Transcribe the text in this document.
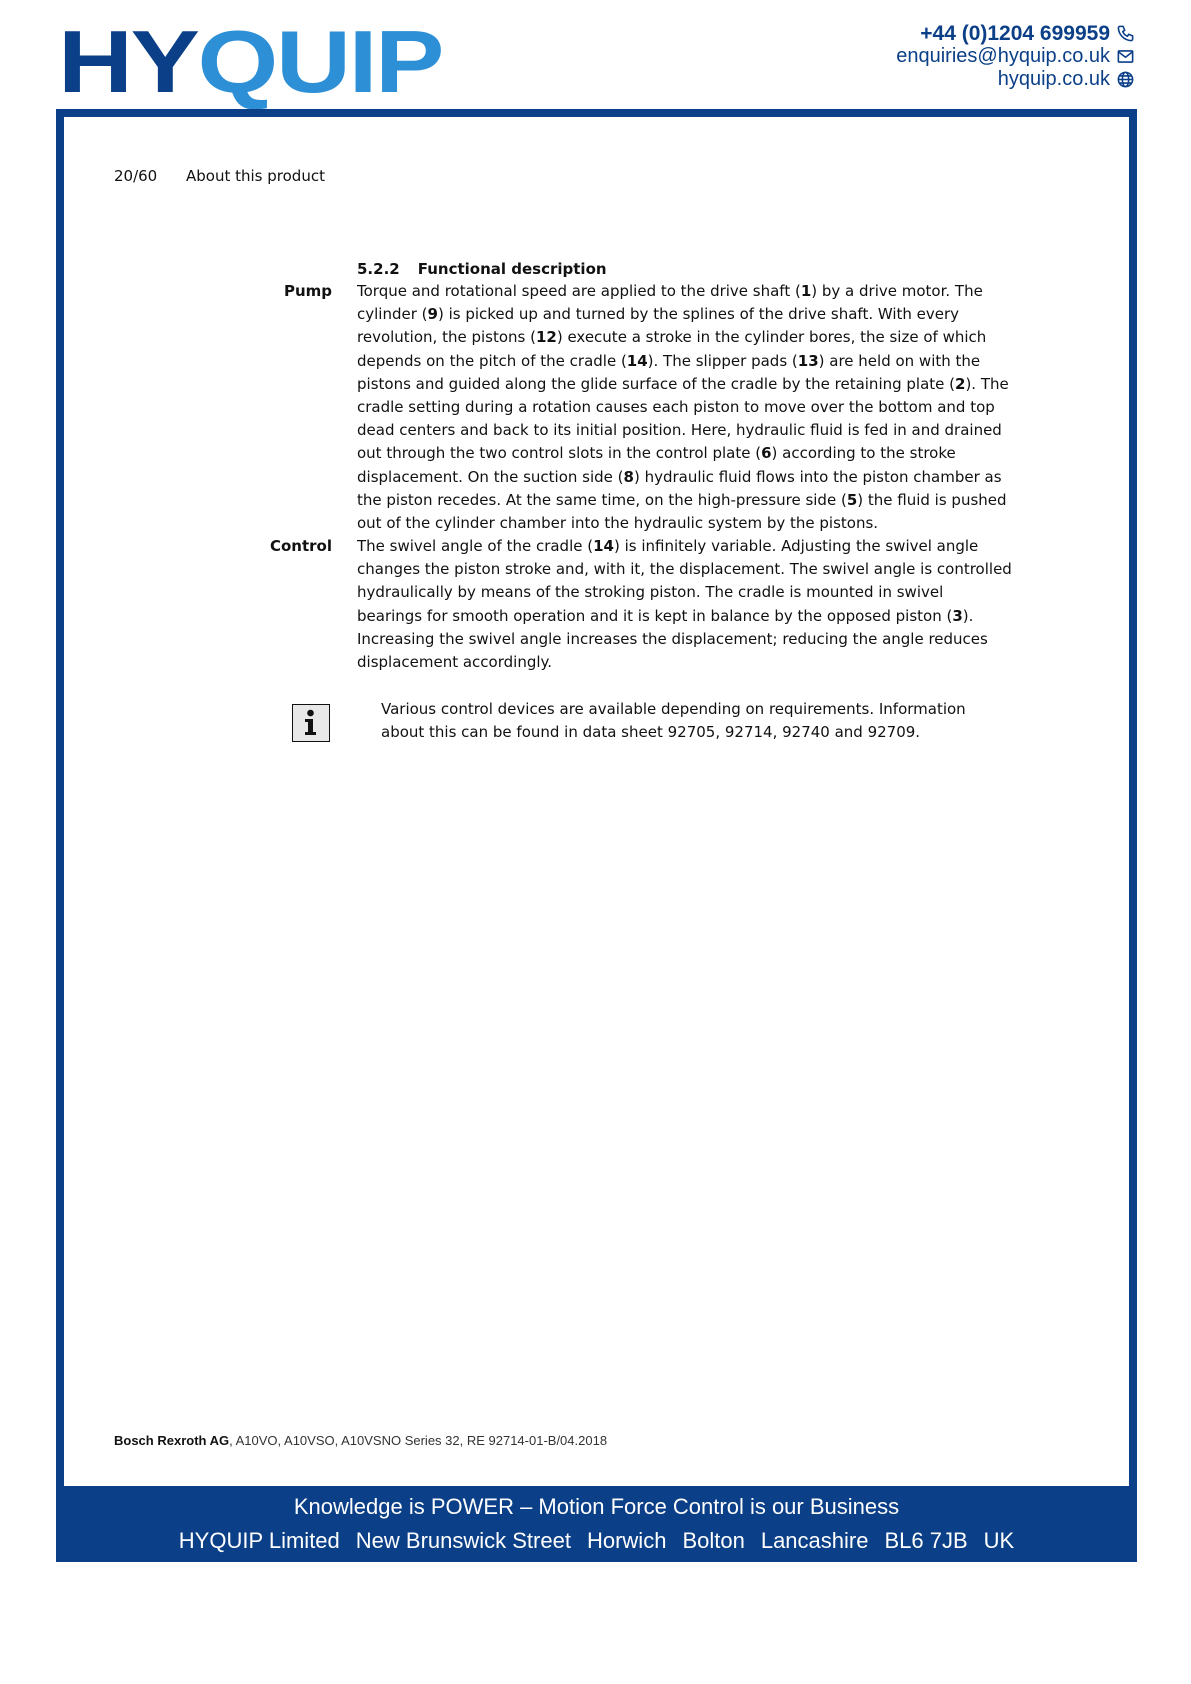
HYQUIP	+44 (0)1204 699959
enquiries@hyquip.co.uk
hyquip.co.uk
20/60 About this product
5.2.2 Functional description
Pump Torque and rotational speed are applied to the drive shaft (1) by a drive motor. The cylinder (9) is picked up and turned by the splines of the drive shaft. With every revolution, the pistons (12) execute a stroke in the cylinder bores, the size of which depends on the pitch of the cradle (14). The slipper pads (13) are held on with the pistons and guided along the glide surface of the cradle by the retaining plate (2). The cradle setting during a rotation causes each piston to move over the bottom and top dead centers and back to its initial position. Here, hydraulic fluid is fed in and drained out through the two control slots in the control plate (6) according to the stroke displacement. On the suction side (8) hydraulic fluid flows into the piston chamber as the piston recedes. At the same time, on the high-pressure side (5) the fluid is pushed out of the cylinder chamber into the hydraulic system by the pistons.

Control The swivel angle of the cradle (14) is infinitely variable. Adjusting the swivel angle changes the piston stroke and, with it, the displacement. The swivel angle is controlled hydraulically by means of the stroking piston. The cradle is mounted in swivel bearings for smooth operation and it is kept in balance by the opposed piston (3). Increasing the swivel angle increases the displacement; reducing the angle reduces displacement accordingly.

Various control devices are available depending on requirements. Information about this can be found in data sheet 92705, 92714, 92740 and 92709.

Bosch Rexroth AG, A10VO, A10VSO, A10VSNO Series 32, RE 92714-01-B/04.2018
Knowledge is POWER – Motion Force Control is our Business
HYQUIP Limited New Brunswick Street Horwich Bolton Lancashire BL6 7JB UK
